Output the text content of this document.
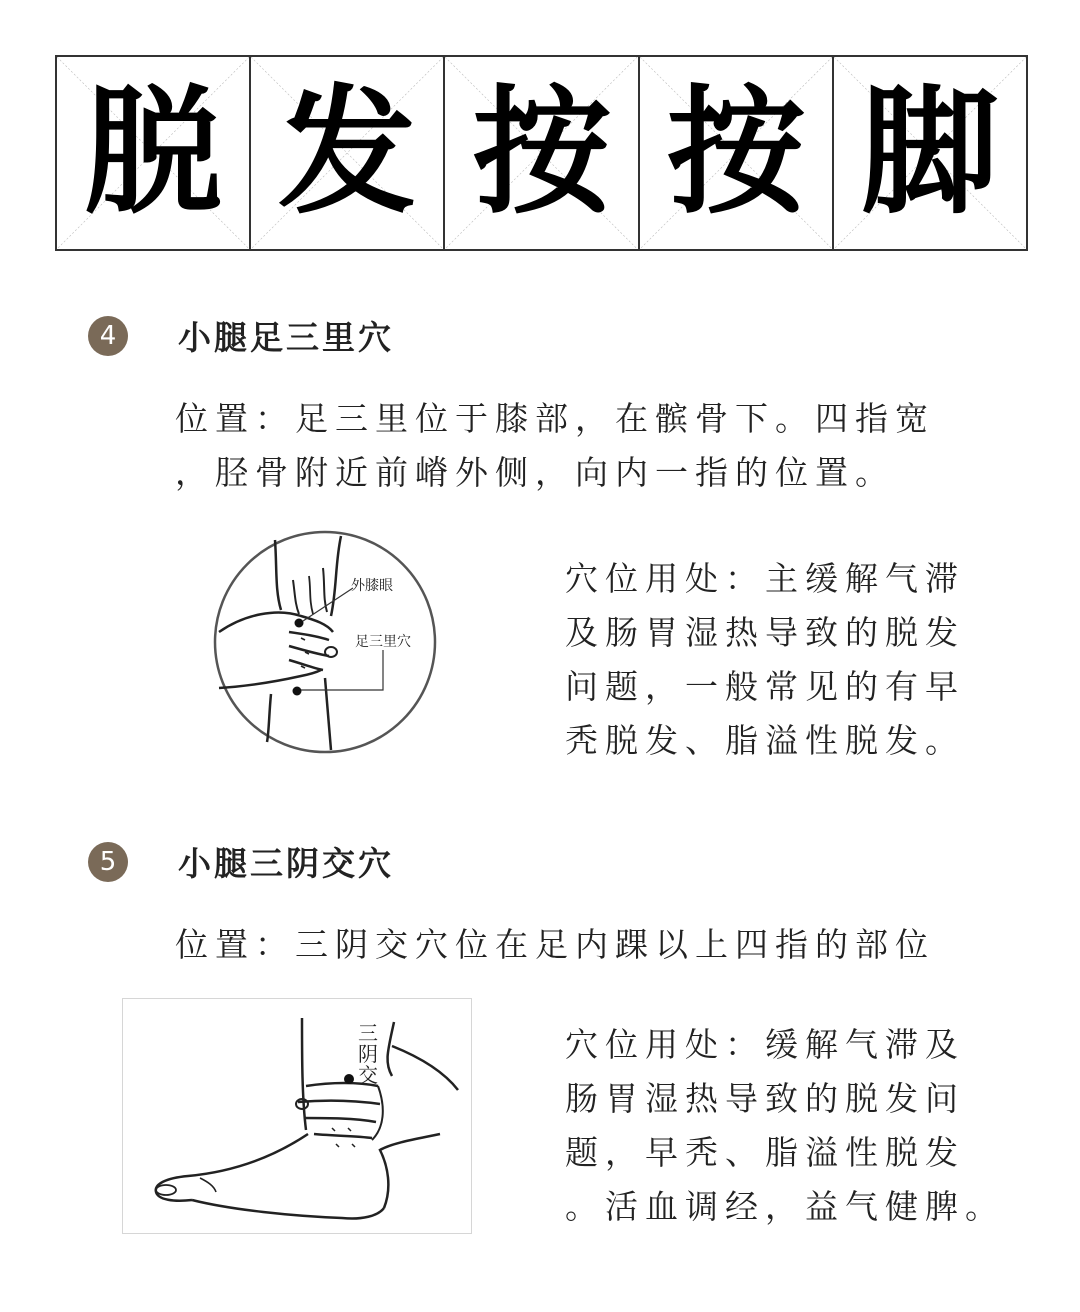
脱 发 按 按 脚
4	小腿足三里穴

位置：足三里位于膝部，在髌骨下。四指宽

，胫骨附近前嵴外侧，向内一指的位置。

外膝眼
足三里穴

穴位用处：主缓解气滞

及肠胃湿热导致的脱发

问题，一般常见的有早

秃脱发、脂溢性脱发。

5	小腿三阴交穴

位置：三阴交穴位在足内踝以上四指的部位

三
阴
交

穴位用处：缓解气滞及

肠胃湿热导致的脱发问

题，早秃、脂溢性脱发

。活血调经，益气健脾。
